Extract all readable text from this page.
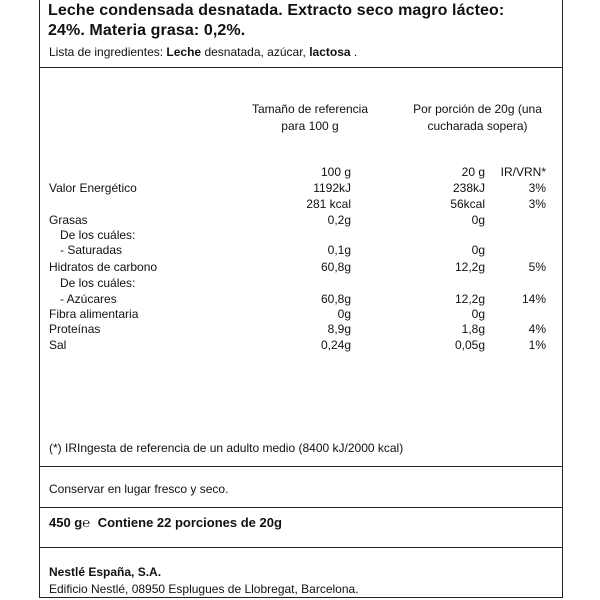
Leche condensada desnatada. Extracto seco magro lácteo:
24%. Materia grasa: 0,2%.
Lista de ingredientes: Leche desnatada, azúcar, lactosa .
Tamaño de referencia para 100 g
Por porción de 20g (una cucharada sopera)
100 g	20 g IR/VRN*
Valor Energético	1192kJ	238kJ	3%
281 kcal	56kcal	3%
Grasas	0,2g	0g
De los cuáles:
- Saturadas	0,1g	0g
Hidratos de carbono	60,8g	12,2g	5%
De los cuáles:
- Azúcares	60,8g	12,2g	14%
Fibra alimentaria	0g	0g
Proteínas	8,9g	1,8g	4%
Sal	0,24g	0,05g	1%
(*) IRIngesta de referencia de un adulto medio (8400 kJ/2000 kcal)
Conservar en lugar fresco y seco.
450 g℮ Contiene 22 porciones de 20g
Nestlé España, S.A.
Edificio Nestlé, 08950 Esplugues de Llobregat, Barcelona.
